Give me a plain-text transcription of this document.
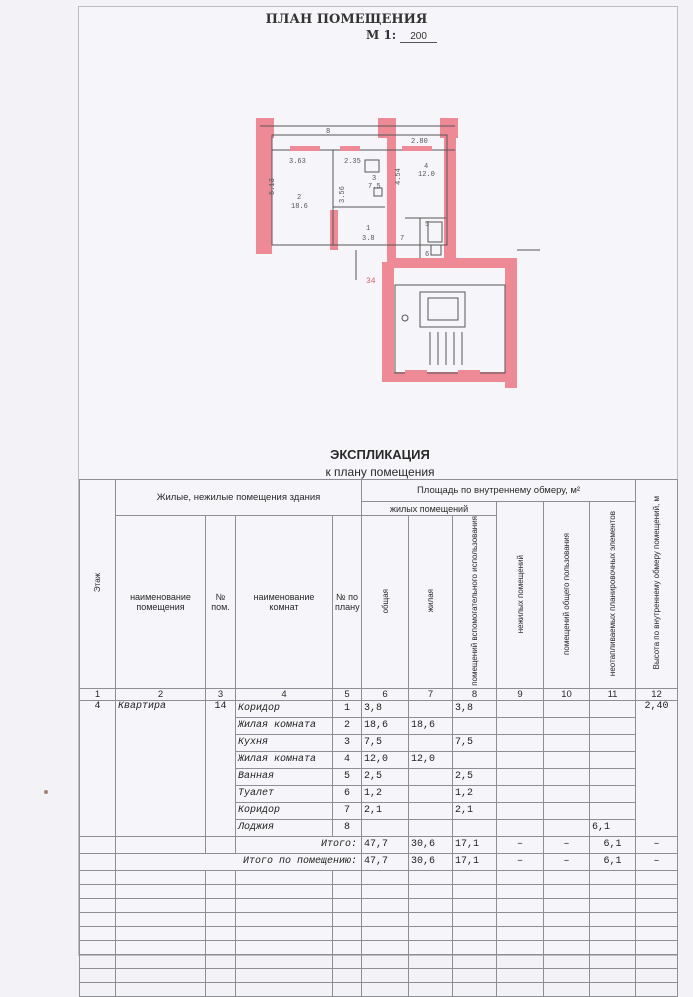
ПЛАН ПОМЕЩЕНИЯ
М 1: 200
8
3.63	2.35
2.80
5.13	3.56
4.54
34
2
18.6
3
7.5
4
12.0
1
3.8
5
6
7
ЭКСПЛИКАЦИЯ
к плану помещения
Этаж	Жилые, нежилые помещения здания				Площадь по внутреннему обмеру, м²						Высота по внутреннему обмеру помещений, м
					жилых помещений			нежилых помещений	помещений общего пользования	неотапливаемых планировочных элементов	
	наименование помещения	№ пом.	наименование комнат	№ по плану	общая	жилая	помещений вспомогательного использования				
1	2	3	4	5	6	7	8	9	10	11	12
4	Квартира	14	Коридор	1	3,8		3,8				2,40
			Жилая комната	2	18,6	18,6					
			Кухня	3	7,5		7,5				
			Жилая комната	4	12,0	12,0					
			Ванная	5	2,5		2,5				
			Туалет	6	1,2		1,2				
			Коридор	7	2,1		2,1				
			Лоджия	8						6,1	
			Итого:		47,7	30,6	17,1	–	–	6,1	–
	Итого по помещению:				47,7	30,6	17,1	–	–	6,1	–
